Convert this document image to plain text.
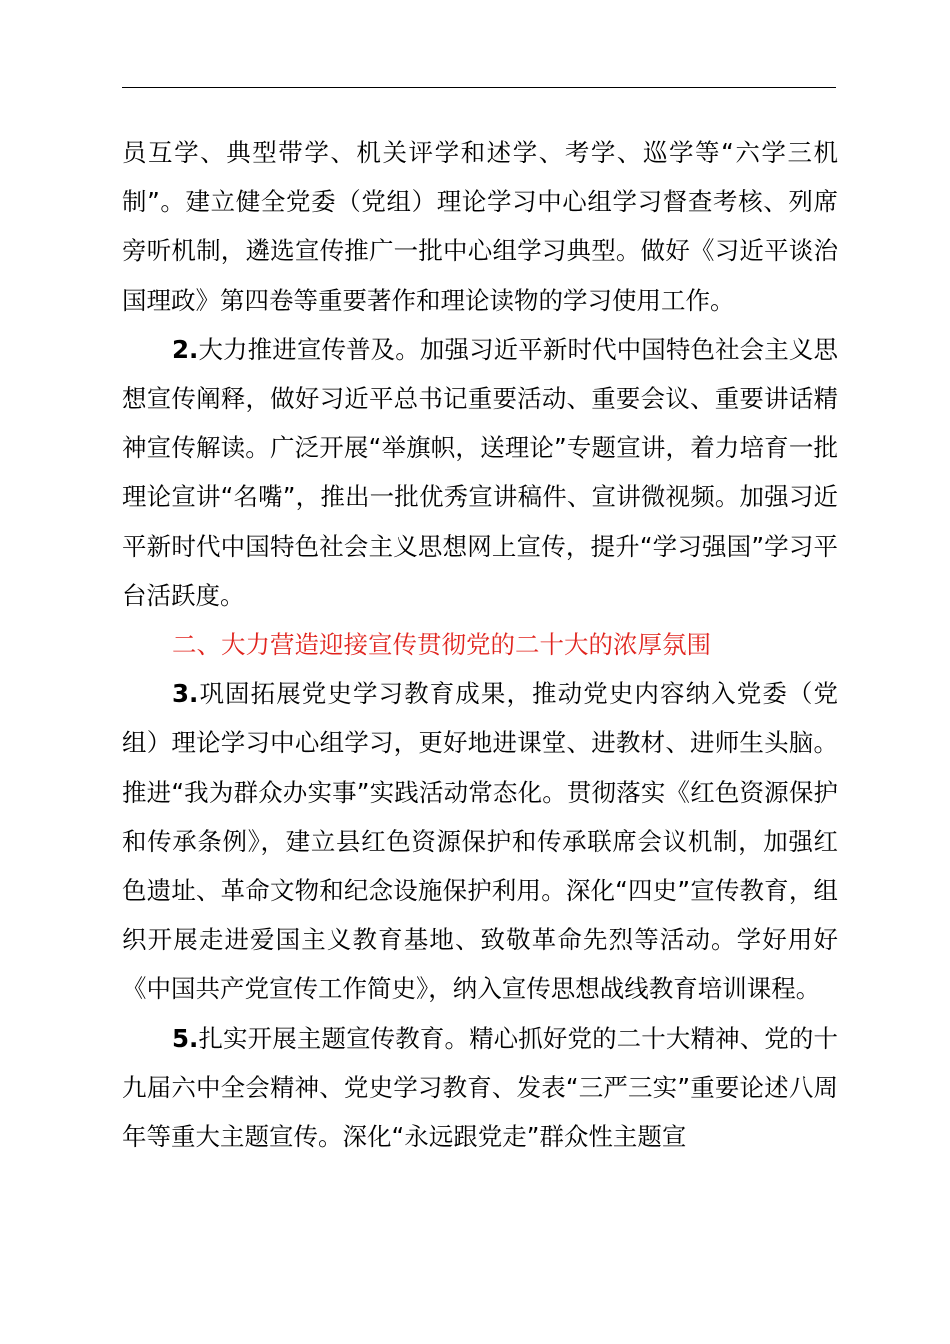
员互学、典型带学、机关评学和述学、考学、巡学等“六学三机制”。建立健全党委（党组）理论学习中心组学习督查考核、列席旁听机制，遴选宣传推广一批中心组学习典型。做好《习近平谈治国理政》第四卷等重要著作和理论读物的学习使用工作。

2.大力推进宣传普及。加强习近平新时代中国特色社会主义思想宣传阐释，做好习近平总书记重要活动、重要会议、重要讲话精神宣传解读。广泛开展“举旗帜，送理论”专题宣讲，着力培育一批理论宣讲“名嘴”，推出一批优秀宣讲稿件、宣讲微视频。加强习近平新时代中国特色社会主义思想网上宣传，提升“学习强国”学习平台活跃度。

二、大力营造迎接宣传贯彻党的二十大的浓厚氛围

3.巩固拓展党史学习教育成果，推动党史内容纳入党委（党组）理论学习中心组学习，更好地进课堂、进教材、进师生头脑。推进“我为群众办实事”实践活动常态化。贯彻落实《红色资源保护和传承条例》，建立县红色资源保护和传承联席会议机制，加强红色遗址、革命文物和纪念设施保护利用。深化“四史”宣传教育，组织开展走进爱国主义教育基地、致敬革命先烈等活动。学好用好《中国共产党宣传工作简史》，纳入宣传思想战线教育培训课程。

5.扎实开展主题宣传教育。精心抓好党的二十大精神、党的十九届六中全会精神、党史学习教育、发表“三严三实”重要论述八周年等重大主题宣传。深化“永远跟党走”群众性主题宣
